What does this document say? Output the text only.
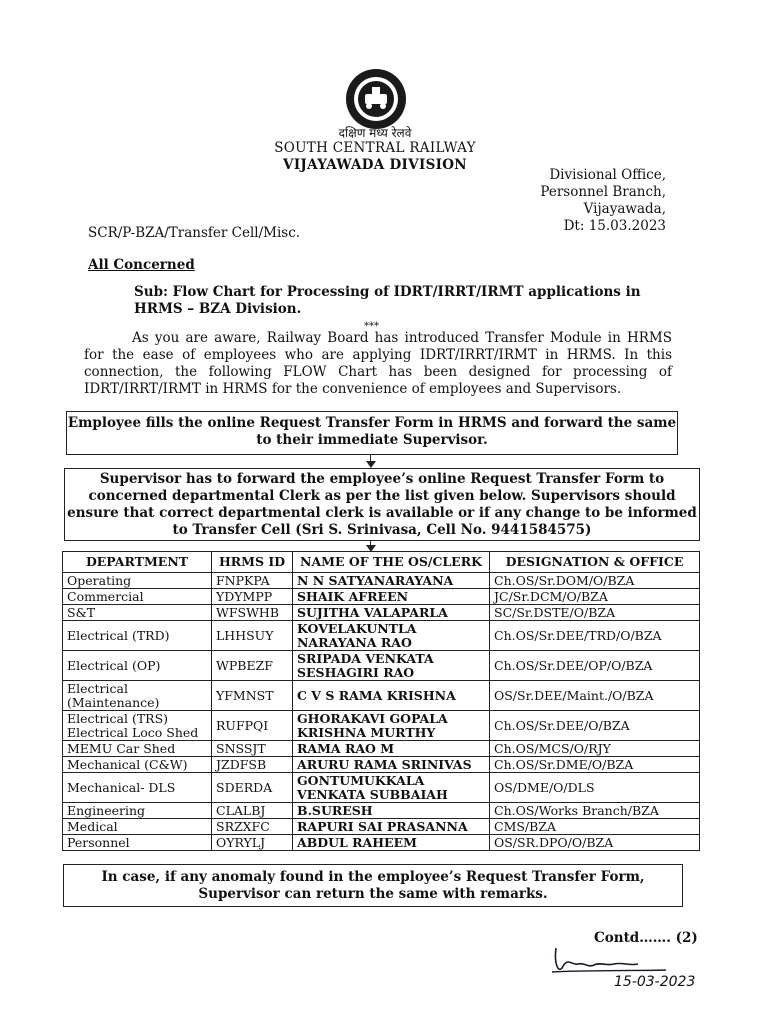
दक्षिण मध्य रेलवे
SOUTH CENTRAL RAILWAY
VIJAYAWADA DIVISION
Divisional Office,
Personnel Branch,
Vijayawada,
Dt: 15.03.2023
SCR/P-BZA/Transfer Cell/Misc.
All Concerned
Sub: Flow Chart for Processing of IDRT/IRRT/IRMT applications in HRMS – BZA Division.
***
As you are aware, Railway Board has introduced Transfer Module in HRMS for the ease of employees who are applying IDRT/IRRT/IRMT in HRMS. In this connection, the following FLOW Chart has been designed for processing of IDRT/IRRT/IRMT in HRMS for the convenience of employees and Supervisors.
Employee fills the online Request Transfer Form in HRMS and forward the same to their immediate Supervisor.
Supervisor has to forward the employee’s online Request Transfer Form to concerned departmental Clerk as per the list given below. Supervisors should ensure that correct departmental clerk is available or if any change to be informed to Transfer Cell (Sri S. Srinivasa, Cell No. 9441584575)
DEPARTMENT	HRMS ID	NAME OF THE OS/CLERK	DESIGNATION & OFFICE
Operating	FNPKPA	N N SATYANARAYANA	Ch.OS/Sr.DOM/O/BZA
Commercial	YDYMPP	SHAIK AFREEN	JC/Sr.DCM/O/BZA
S&T	WFSWHB	SUJITHA VALAPARLA	SC/Sr.DSTE/O/BZA
Electrical (TRD)	LHHSUY	KOVELAKUNTLA NARAYANA RAO	Ch.OS/Sr.DEE/TRD/O/BZA
Electrical (OP)	WPBEZF	SRIPADA VENKATA SESHAGIRI RAO	Ch.OS/Sr.DEE/OP/O/BZA
Electrical (Maintenance)	YFMNST	C V S RAMA KRISHNA	OS/Sr.DEE/Maint./O/BZA
Electrical (TRS) Electrical Loco Shed	RUFPQI	GHORAKAVI GOPALA KRISHNA MURTHY	Ch.OS/Sr.DEE/O/BZA
MEMU Car Shed	SNSSJT	RAMA RAO M	Ch.OS/MCS/O/RJY
Mechanical (C&W)	JZDFSB	ARURU RAMA SRINIVAS	Ch.OS/Sr.DME/O/BZA
Mechanical- DLS	SDERDA	GONTUMUKKALA VENKATA SUBBAIAH	OS/DME/O/DLS
Engineering	CLALBJ	B.SURESH	Ch.OS/Works Branch/BZA
Medical	SRZXFC	RAPURI SAI PRASANNA	CMS/BZA
Personnel	OYRYLJ	ABDUL RAHEEM	OS/SR.DPO/O/BZA
In case, if any anomaly found in the employee’s Request Transfer Form, Supervisor can return the same with remarks.
Contd……. (2)
15-03-2023
